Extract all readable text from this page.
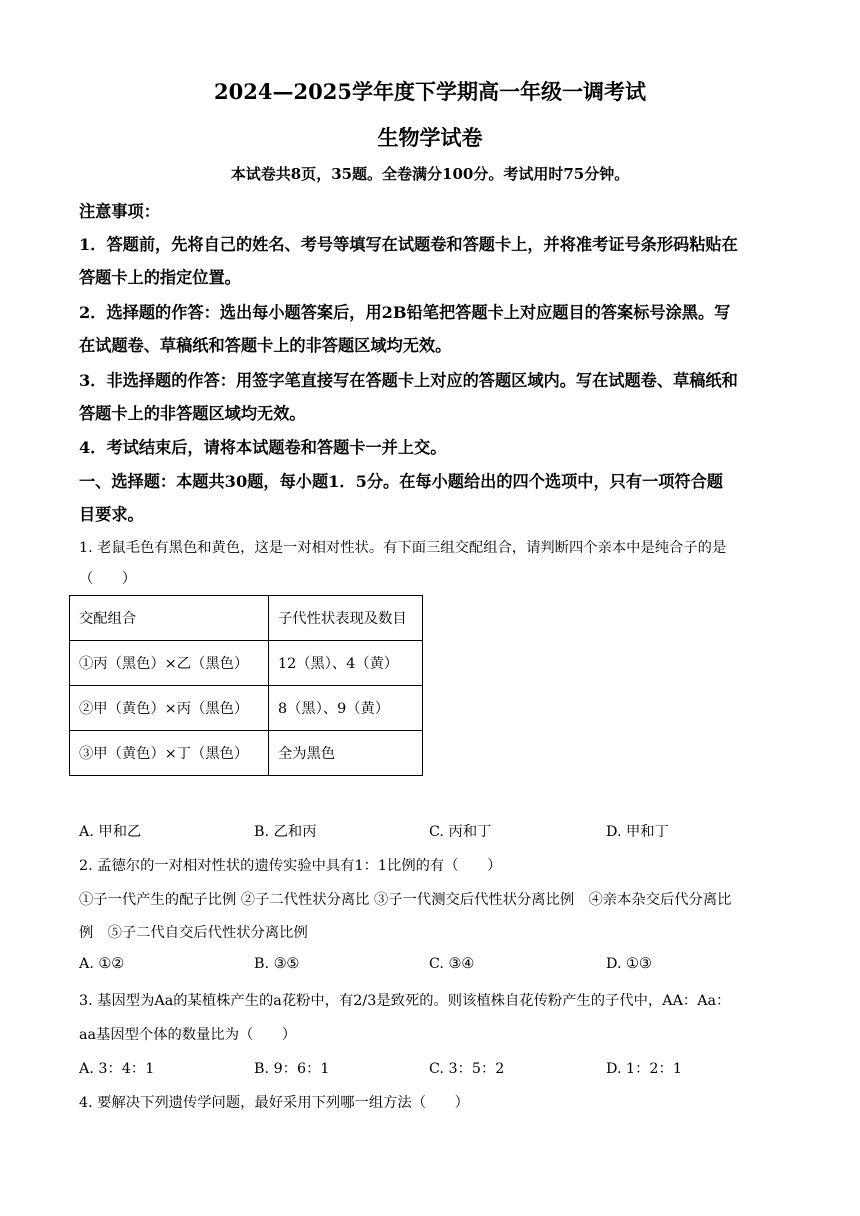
2024—2025学年度下学期高一年级一调考试
生物学试卷
本试卷共8页，35题。全卷满分100分。考试用时75分钟。
注意事项：
1．答题前，先将自己的姓名、考号等填写在试题卷和答题卡上，并将准考证号条形码粘贴在
答题卡上的指定位置。
2．选择题的作答：选出每小题答案后，用2B铅笔把答题卡上对应题目的答案标号涂黑。写
在试题卷、草稿纸和答题卡上的非答题区域均无效。
3．非选择题的作答：用签字笔直接写在答题卡上对应的答题区域内。写在试题卷、草稿纸和
答题卡上的非答题区域均无效。
4．考试结束后，请将本试题卷和答题卡一并上交。
一、选择题：本题共30题，每小题1．5分。在每小题给出的四个选项中，只有一项符合题
目要求。
1. 老鼠毛色有黑色和黄色，这是一对相对性状。有下面三组交配组合，请判断四个亲本中是纯合子的是
（　　）
交配组合	子代性状表现及数目
①丙（黑色）×乙（黑色）	12（黑）、4（黄）
②甲（黄色）×丙（黑色）	8（黑）、9（黄）
③甲（黄色）×丁（黑色）	全为黑色
A. 甲和乙	B. 乙和丙	C. 丙和丁	D. 甲和丁
2. 孟德尔的一对相对性状的遗传实验中具有1：1比例的有（　　）
①子一代产生的配子比例 ②子二代性状分离比 ③子一代测交后代性状分离比例　④亲本杂交后代分离比
例　⑤子二代自交后代性状分离比例
A. ①②	B. ③⑤	C. ③④	D. ①③
3. 基因型为Aa的某植株产生的a花粉中，有2/3是致死的。则该植株自花传粉产生的子代中，AA：Aa：
aa基因型个体的数量比为（　　）
A. 3：4：1	B. 9：6：1	C. 3：5：2	D. 1：2：1
4. 要解决下列遗传学问题，最好采用下列哪一组方法（　　）
